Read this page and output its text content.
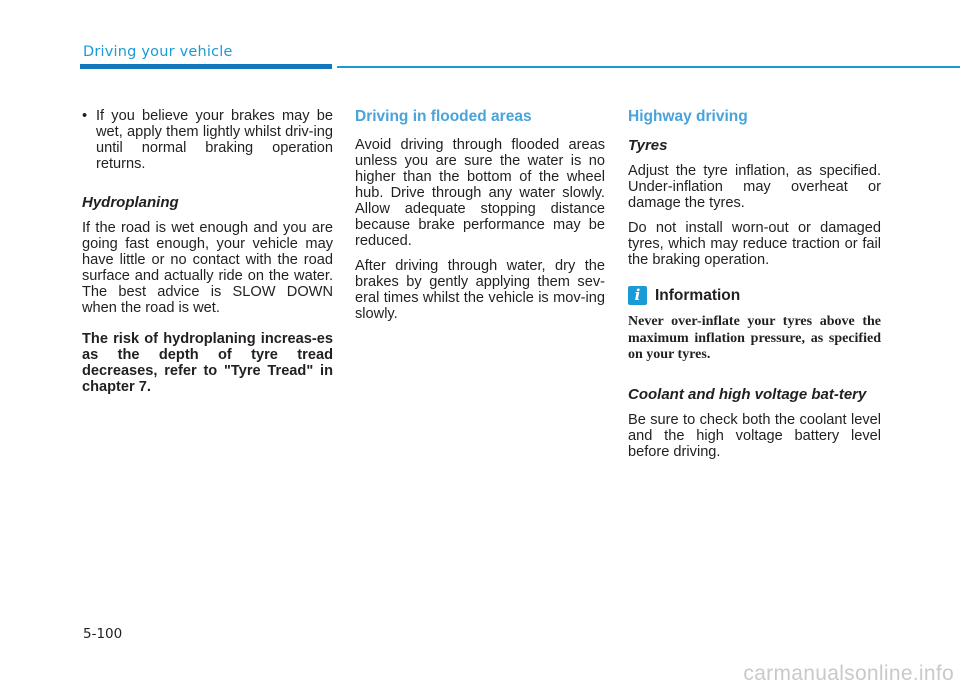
Driving your vehicle

• If you believe your brakes may be wet, apply them lightly whilst driv-ing until normal braking operation returns.

Hydroplaning

If the road is wet enough and you are going fast enough, your vehicle may have little or no contact with the road surface and actually ride on the water. The best advice is SLOW DOWN when the road is wet.

The risk of hydroplaning increas-es as the depth of tyre tread decreases, refer to "Tyre Tread" in chapter 7.

Driving in flooded areas

Avoid driving through flooded areas unless you are sure the water is no higher than the bottom of the wheel hub. Drive through any water slowly. Allow adequate stopping distance because brake performance may be reduced.

After driving through water, dry the brakes by gently applying them sev-eral times whilst the vehicle is mov-ing slowly.

Highway driving
Tyres

Adjust the tyre inflation, as specified. Under-inflation may overheat or damage the tyres.

Do not install worn-out or damaged tyres, which may reduce traction or fail the braking operation.

i Information

Never over-inflate your tyres above the maximum inflation pressure, as specified on your tyres.

Coolant and high voltage bat-tery

Be sure to check both the coolant level and the high voltage battery level before driving.

5-100
carmanualsonline.info
